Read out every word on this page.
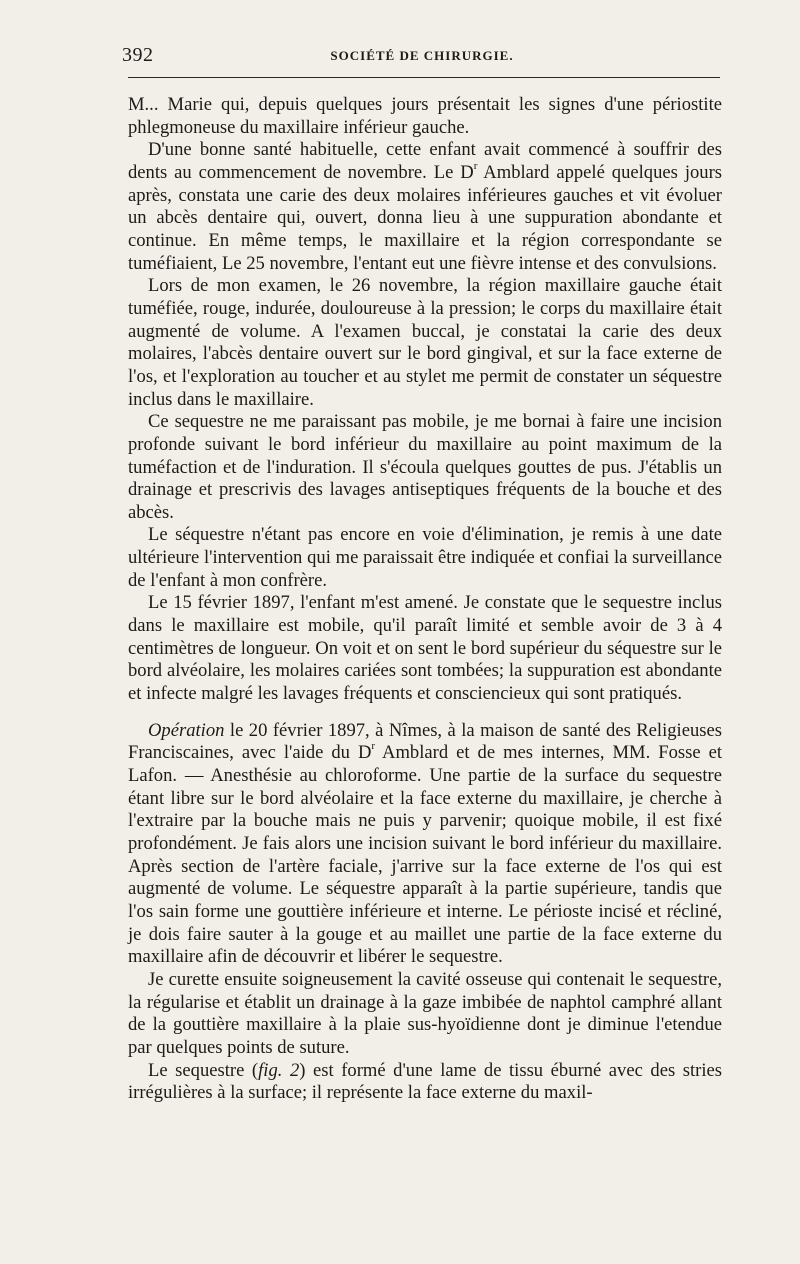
392	SOCIÉTÉ DE CHIRURGIE.

M... Marie qui, depuis quelques jours présentait les signes d'une périostite phlegmoneuse du maxillaire inférieur gauche.

D'une bonne santé habituelle, cette enfant avait commencé à souffrir des dents au commencement de novembre. Le $D^r$ Amblard appelé quelques jours après, constata une carie des deux molaires inférieures gauches et vit évoluer un abcès dentaire qui, ouvert, donna lieu à une suppuration abondante et continue. En même temps, le maxillaire et la région correspondante se tuméfiaient, Le 25 novembre, l'entant eut une fièvre intense et des convulsions.

Lors de mon examen, le 26 novembre, la région maxillaire gauche était tuméfiée, rouge, indurée, douloureuse à la pression; le corps du maxillaire était augmenté de volume. A l'examen buccal, je constatai la carie des deux molaires, l'abcès dentaire ouvert sur le bord gingival, et sur la face externe de l'os, et l'exploration au toucher et au stylet me permit de constater un séquestre inclus dans le maxillaire.

Ce sequestre ne me paraissant pas mobile, je me bornai à faire une incision profonde suivant le bord inférieur du maxillaire au point maximum de la tuméfaction et de l'induration. Il s'écoula quelques gouttes de pus. J'établis un drainage et prescrivis des lavages antiseptiques fréquents de la bouche et des abcès.

Le séquestre n'étant pas encore en voie d'élimination, je remis à une date ultérieure l'intervention qui me paraissait être indiquée et confiai la surveillance de l'enfant à mon confrère.

Le 15 février 1897, l'enfant m'est amené. Je constate que le sequestre inclus dans le maxillaire est mobile, qu'il paraît limité et semble avoir de 3 à 4 centimètres de longueur. On voit et on sent le bord supérieur du séquestre sur le bord alvéolaire, les molaires cariées sont tombées; la suppuration est abondante et infecte malgré les lavages fréquents et consciencieux qui sont pratiqués.

Opération le 20 février 1897, à Nîmes, à la maison de santé des Religieuses Franciscaines, avec l'aide du $D^r$ Amblard et de mes internes, MM. Fosse et Lafon. — Anesthésie au chloroforme. Une partie de la surface du sequestre étant libre sur le bord alvéolaire et la face externe du maxillaire, je cherche à l'extraire par la bouche mais ne puis y parvenir; quoique mobile, il est fixé profondément. Je fais alors une incision suivant le bord inférieur du maxillaire. Après section de l'artère faciale, j'arrive sur la face externe de l'os qui est augmenté de volume. Le séquestre apparaît à la partie supérieure, tandis que l'os sain forme une gouttière inférieure et interne. Le périoste incisé et récliné, je dois faire sauter à la gouge et au maillet une partie de la face externe du maxillaire afin de découvrir et libérer le sequestre.

Je curette ensuite soigneusement la cavité osseuse qui contenait le sequestre, la régularise et établit un drainage à la gaze imbibée de naphtol camphré allant de la gouttière maxillaire à la plaie sus-hyoïdienne dont je diminue l'etendue par quelques points de suture.

Le sequestre (fig. 2) est formé d'une lame de tissu éburné avec des stries irrégulières à la surface; il représente la face externe du maxil-
